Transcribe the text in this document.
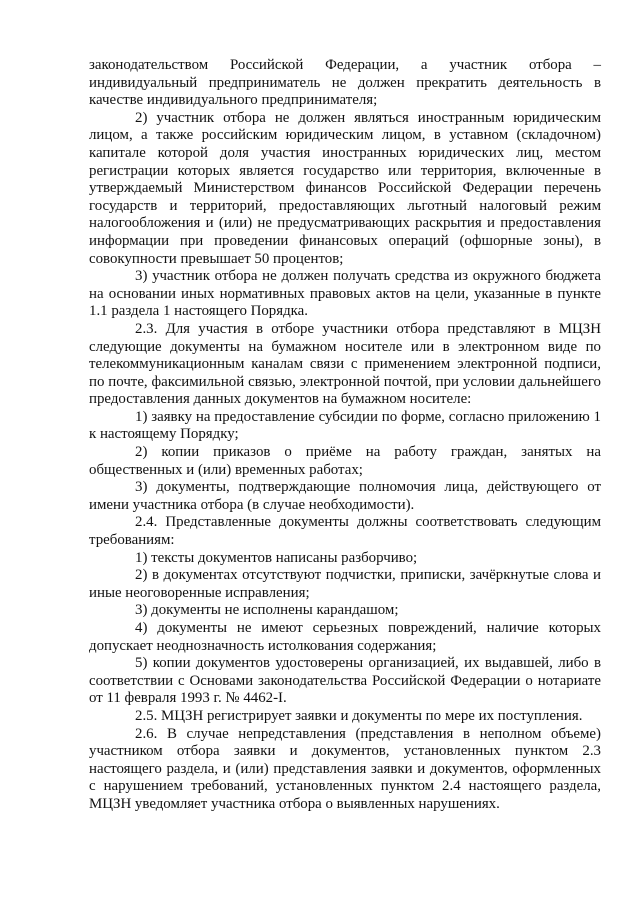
законодательством Российской Федерации, а участник отбора – индивидуальный предприниматель не должен прекратить деятельность в качестве индивидуального предпринимателя;

2) участник отбора не должен являться иностранным юридическим лицом, а также российским юридическим лицом, в уставном (складочном) капитале которой доля участия иностранных юридических лиц, местом регистрации которых является государство или территория, включенные в утверждаемый Министерством финансов Российской Федерации перечень государств и территорий, предоставляющих льготный налоговый режим налогообложения и (или) не предусматривающих раскрытия и предоставления информации при проведении финансовых операций (офшорные зоны), в совокупности превышает 50 процентов;

3) участник отбора не должен получать средства из окружного бюджета на основании иных нормативных правовых актов на цели, указанные в пункте 1.1 раздела 1 настоящего Порядка.

2.3. Для участия в отборе участники отбора представляют в МЦЗН следующие документы на бумажном носителе или в электронном виде по телекоммуникационным каналам связи с применением электронной подписи, по почте, факсимильной связью, электронной почтой, при условии дальнейшего предоставления данных документов на бумажном носителе:

1) заявку на предоставление субсидии по форме, согласно приложению 1 к настоящему Порядку;

2) копии приказов о приёме на работу граждан, занятых на общественных и (или) временных работах;

3) документы, подтверждающие полномочия лица, действующего от имени участника отбора (в случае необходимости).

2.4. Представленные документы должны соответствовать следующим требованиям:

1) тексты документов написаны разборчиво;

2) в документах отсутствуют подчистки, приписки, зачёркнутые слова и иные неоговоренные исправления;

3) документы не исполнены карандашом;

4) документы не имеют серьезных повреждений, наличие которых допускает неоднозначность истолкования содержания;

5) копии документов удостоверены организацией, их выдавшей, либо в соответствии с Основами законодательства Российской Федерации о нотариате от 11 февраля 1993 г. № 4462-I.

2.5. МЦЗН регистрирует заявки и документы по мере их поступления.

2.6. В случае непредставления (представления в неполном объеме) участником отбора заявки и документов, установленных пунктом 2.3 настоящего раздела, и (или) представления заявки и документов, оформленных с нарушением требований, установленных пунктом 2.4 настоящего раздела, МЦЗН уведомляет участника отбора о выявленных нарушениях.
